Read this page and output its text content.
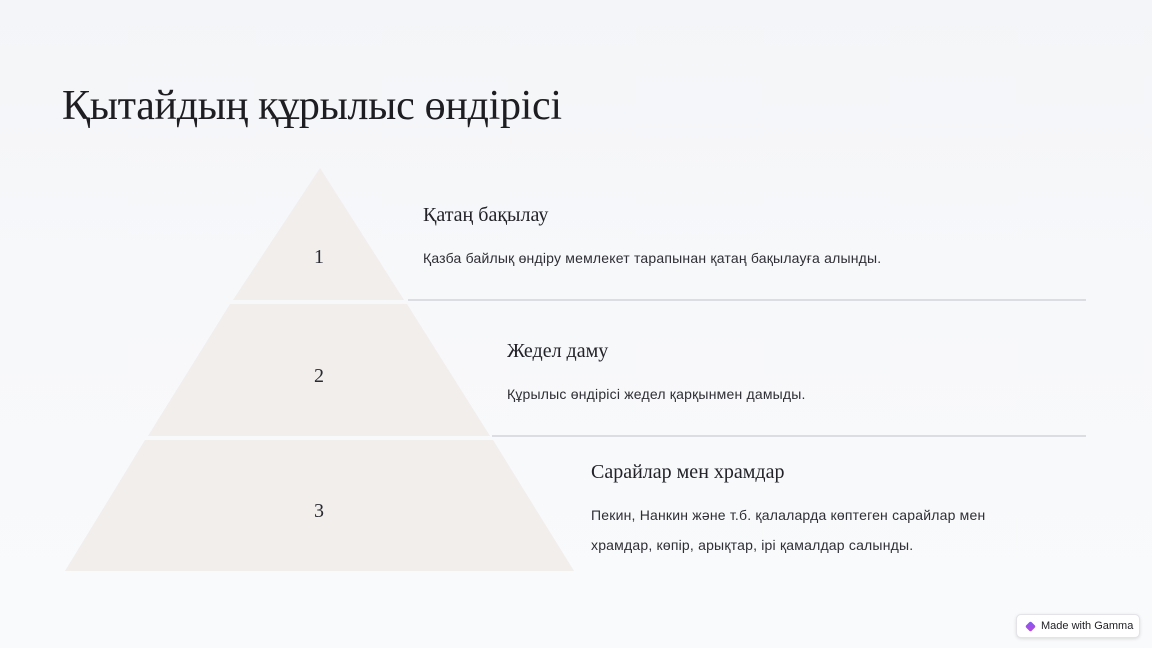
Қытайдың құрылыс өндірісі
1
2
3

Қатаң бақылау

Қазба байлық өндіру мемлекет тарапынан қатаң бақылауға алынды.

Жедел даму

Құрылыс өндірісі жедел қарқынмен дамыды.

Сарайлар мен храмдар

Пекин, Нанкин және т.б. қалаларда көптеген сарайлар мен храмдар, көпір, арықтар, ірі қамалдар салынды.

Made with Gamma
